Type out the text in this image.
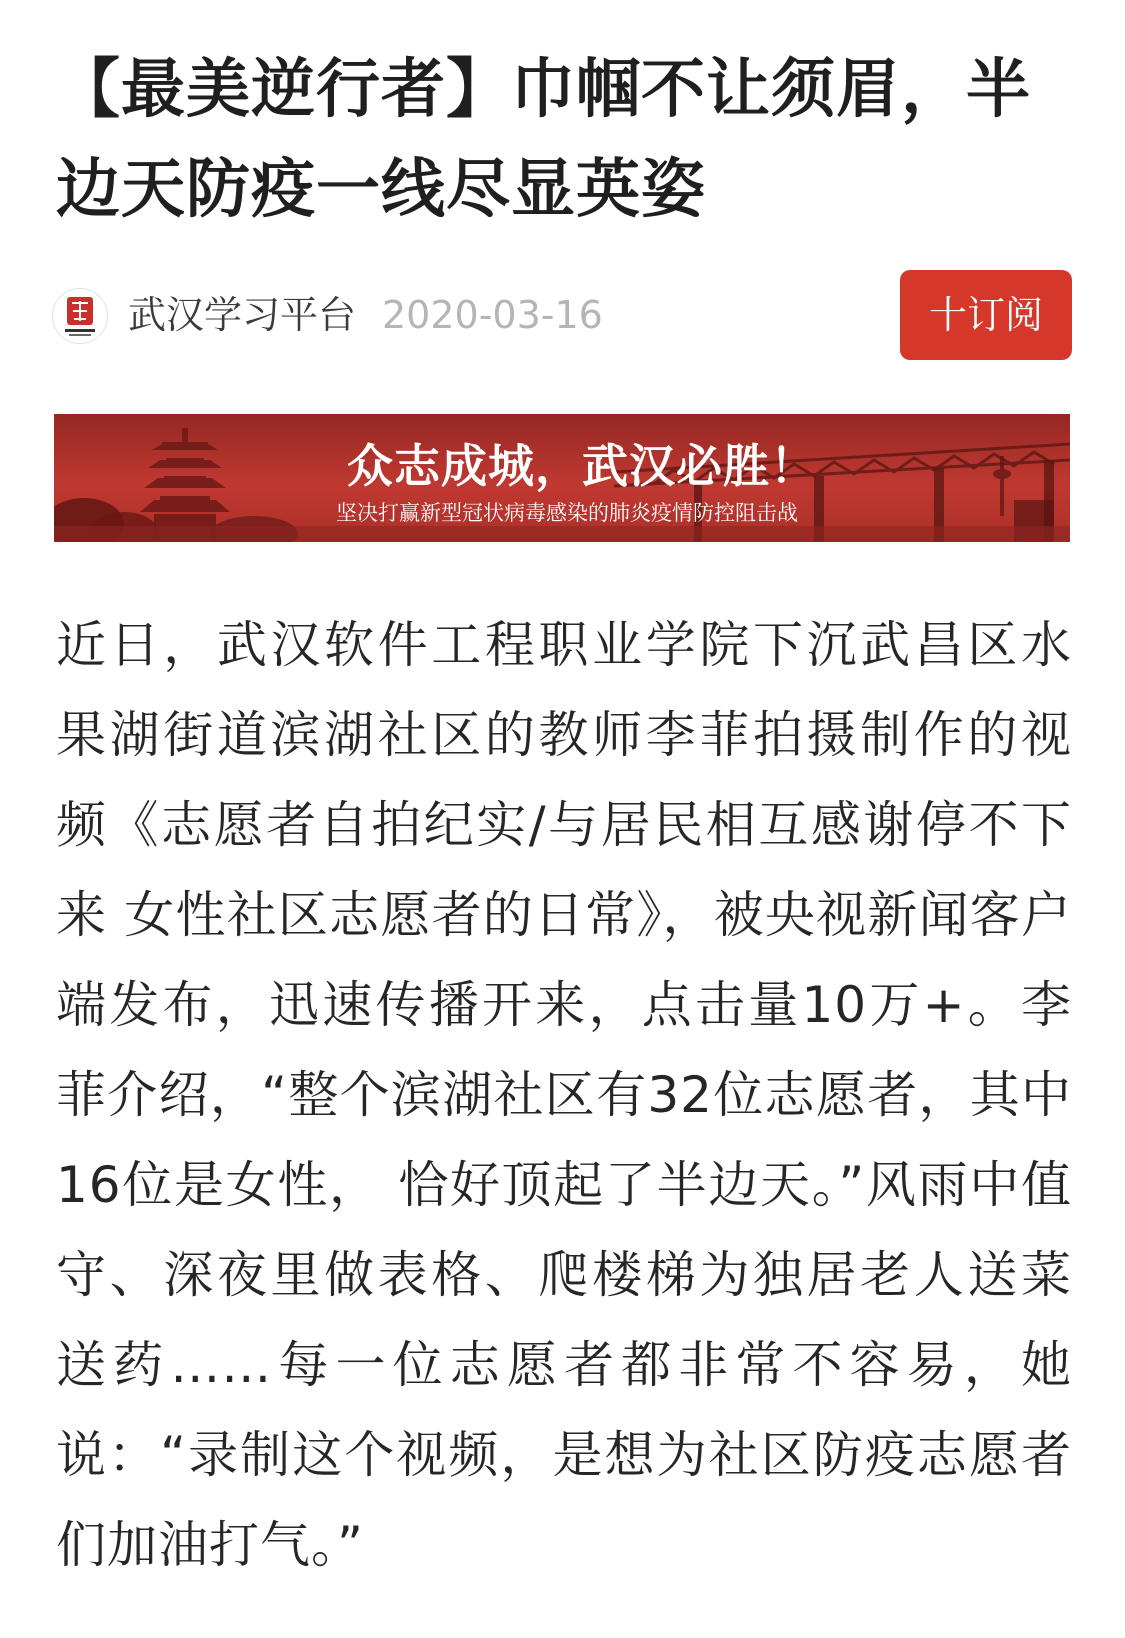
【最美逆行者】巾帼不让须眉，半边天防疫一线尽显英姿
武汉学习平台 2020-03-16	十订阅
众志成城，武汉必胜！
坚决打赢新型冠状病毒感染的肺炎疫情防控阻击战

近日，武汉软件工程职业学院下沉武昌区水果湖街道滨湖社区的教师李菲拍摄制作的视频《志愿者自拍纪实/与居民相互感谢停不下来 女性社区志愿者的日常》，被央视新闻客户端发布，迅速传播开来，点击量10万+。李菲介绍，“整个滨湖社区有32位志愿者，其中16位是女性， 恰好顶起了半边天。”风雨中值守、深夜里做表格、爬楼梯为独居老人送菜送药……每一位志愿者都非常不容易，她说：“录制这个视频，是想为社区防疫志愿者们加油打气。”
